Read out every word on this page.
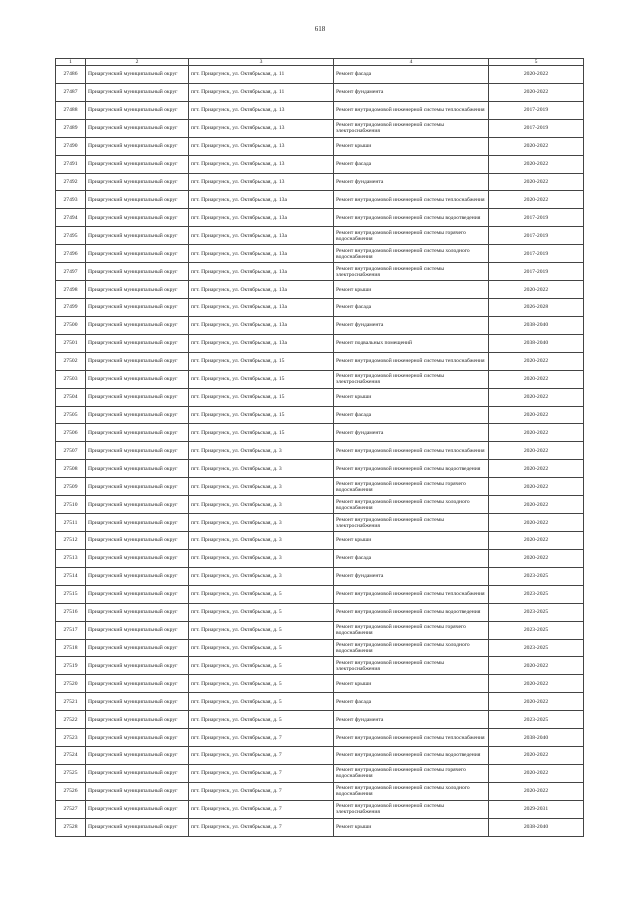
618
1	2	3	4	5
27486	Приаргунский муниципальный округ	пгт. Приаргунск, ул. Октябрьская, д. 11	Ремонт фасада	2020-2022
27487	Приаргунский муниципальный округ	пгт. Приаргунск, ул. Октябрьская, д. 11	Ремонт фундамента	2020-2022
27488	Приаргунский муниципальный округ	пгт. Приаргунск, ул. Октябрьская, д. 13	Ремонт внутридомовой инженерной системы теплоснабжения	2017-2019
27489	Приаргунский муниципальный округ	пгт. Приаргунск, ул. Октябрьская, д. 13	Ремонт внутридомовой инженерной системы электроснабжения	2017-2019
27490	Приаргунский муниципальный округ	пгт. Приаргунск, ул. Октябрьская, д. 13	Ремонт крыши	2020-2022
27491	Приаргунский муниципальный округ	пгт. Приаргунск, ул. Октябрьская, д. 13	Ремонт фасада	2020-2022
27492	Приаргунский муниципальный округ	пгт. Приаргунск, ул. Октябрьская, д. 13	Ремонт фундамента	2020-2022
27493	Приаргунский муниципальный округ	пгт. Приаргунск, ул. Октябрьская, д. 13а	Ремонт внутридомовой инженерной системы теплоснабжения	2020-2022
27494	Приаргунский муниципальный округ	пгт. Приаргунск, ул. Октябрьская, д. 13а	Ремонт внутридомовой инженерной системы водоотведения	2017-2019
27495	Приаргунский муниципальный округ	пгт. Приаргунск, ул. Октябрьская, д. 13а	Ремонт внутридомовой инженерной системы горячего водоснабжения	2017-2019
27496	Приаргунский муниципальный округ	пгт. Приаргунск, ул. Октябрьская, д. 13а	Ремонт внутридомовой инженерной системы холодного водоснабжения	2017-2019
27497	Приаргунский муниципальный округ	пгт. Приаргунск, ул. Октябрьская, д. 13а	Ремонт внутридомовой инженерной системы электроснабжения	2017-2019
27498	Приаргунский муниципальный округ	пгт. Приаргунск, ул. Октябрьская, д. 13а	Ремонт крыши	2020-2022
27499	Приаргунский муниципальный округ	пгт. Приаргунск, ул. Октябрьская, д. 13а	Ремонт фасада	2026-2028
27500	Приаргунский муниципальный округ	пгт. Приаргунск, ул. Октябрьская, д. 13а	Ремонт фундамента	2038-2040
27501	Приаргунский муниципальный округ	пгт. Приаргунск, ул. Октябрьская, д. 13а	Ремонт подвальных помещений	2038-2040
27502	Приаргунский муниципальный округ	пгт. Приаргунск, ул. Октябрьская, д. 15	Ремонт внутридомовой инженерной системы теплоснабжения	2020-2022
27503	Приаргунский муниципальный округ	пгт. Приаргунск, ул. Октябрьская, д. 15	Ремонт внутридомовой инженерной системы электроснабжения	2020-2022
27504	Приаргунский муниципальный округ	пгт. Приаргунск, ул. Октябрьская, д. 15	Ремонт крыши	2020-2022
27505	Приаргунский муниципальный округ	пгт. Приаргунск, ул. Октябрьская, д. 15	Ремонт фасада	2020-2022
27506	Приаргунский муниципальный округ	пгт. Приаргунск, ул. Октябрьская, д. 15	Ремонт фундамента	2020-2022
27507	Приаргунский муниципальный округ	пгт. Приаргунск, ул. Октябрьская, д. 3	Ремонт внутридомовой инженерной системы теплоснабжения	2020-2022
27508	Приаргунский муниципальный округ	пгт. Приаргунск, ул. Октябрьская, д. 3	Ремонт внутридомовой инженерной системы водоотведения	2020-2022
27509	Приаргунский муниципальный округ	пгт. Приаргунск, ул. Октябрьская, д. 3	Ремонт внутридомовой инженерной системы горячего водоснабжения	2020-2022
27510	Приаргунский муниципальный округ	пгт. Приаргунск, ул. Октябрьская, д. 3	Ремонт внутридомовой инженерной системы холодного водоснабжения	2020-2022
27511	Приаргунский муниципальный округ	пгт. Приаргунск, ул. Октябрьская, д. 3	Ремонт внутридомовой инженерной системы электроснабжения	2020-2022
27512	Приаргунский муниципальный округ	пгт. Приаргунск, ул. Октябрьская, д. 3	Ремонт крыши	2020-2022
27513	Приаргунский муниципальный округ	пгт. Приаргунск, ул. Октябрьская, д. 3	Ремонт фасада	2020-2022
27514	Приаргунский муниципальный округ	пгт. Приаргунск, ул. Октябрьская, д. 3	Ремонт фундамента	2023-2025
27515	Приаргунский муниципальный округ	пгт. Приаргунск, ул. Октябрьская, д. 5	Ремонт внутридомовой инженерной системы теплоснабжения	2023-2025
27516	Приаргунский муниципальный округ	пгт. Приаргунск, ул. Октябрьская, д. 5	Ремонт внутридомовой инженерной системы водоотведения	2023-2025
27517	Приаргунский муниципальный округ	пгт. Приаргунск, ул. Октябрьская, д. 5	Ремонт внутридомовой инженерной системы горячего водоснабжения	2023-2025
27518	Приаргунский муниципальный округ	пгт. Приаргунск, ул. Октябрьская, д. 5	Ремонт внутридомовой инженерной системы холодного водоснабжения	2023-2025
27519	Приаргунский муниципальный округ	пгт. Приаргунск, ул. Октябрьская, д. 5	Ремонт внутридомовой инженерной системы электроснабжения	2020-2022
27520	Приаргунский муниципальный округ	пгт. Приаргунск, ул. Октябрьская, д. 5	Ремонт крыши	2020-2022
27521	Приаргунский муниципальный округ	пгт. Приаргунск, ул. Октябрьская, д. 5	Ремонт фасада	2020-2022
27522	Приаргунский муниципальный округ	пгт. Приаргунск, ул. Октябрьская, д. 5	Ремонт фундамента	2023-2025
27523	Приаргунский муниципальный округ	пгт. Приаргунск, ул. Октябрьская, д. 7	Ремонт внутридомовой инженерной системы теплоснабжения	2038-2040
27524	Приаргунский муниципальный округ	пгт. Приаргунск, ул. Октябрьская, д. 7	Ремонт внутридомовой инженерной системы водоотведения	2020-2022
27525	Приаргунский муниципальный округ	пгт. Приаргунск, ул. Октябрьская, д. 7	Ремонт внутридомовой инженерной системы горячего водоснабжения	2020-2022
27526	Приаргунский муниципальный округ	пгт. Приаргунск, ул. Октябрьская, д. 7	Ремонт внутридомовой инженерной системы холодного водоснабжения	2020-2022
27527	Приаргунский муниципальный округ	пгт. Приаргунск, ул. Октябрьская, д. 7	Ремонт внутридомовой инженерной системы электроснабжения	2029-2031
27528	Приаргунский муниципальный округ	пгт. Приаргунск, ул. Октябрьская, д. 7	Ремонт крыши	2038-2040
